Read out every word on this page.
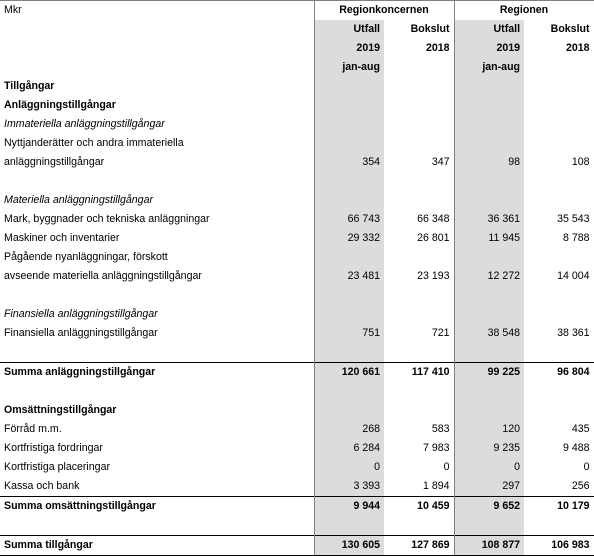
Mkr	Regionkoncernen		Regionen	
	Utfall	Bokslut	Utfall	Bokslut
	2019	2018	2019	2018
	jan-aug		jan-aug	
Tillgångar				
Anläggningstillgångar				
Immateriella anläggningstillgångar				
Nyttjanderätter och andra immateriella				
anläggningstillgångar	354	347	98	108

Materiella anläggningstillgångar				
Mark, byggnader och tekniska anläggningar	66 743	66 348	36 361	35 543
Maskiner och inventarier	29 332	26 801	11 945	8 788
Pågående nyanläggningar, förskott				
avseende materiella anläggningstillgångar	23 481	23 193	12 272	14 004

Finansiella anläggningstillgångar				
Finansiella anläggningstillgångar	751	721	38 548	38 361

Summa anläggningstillgångar	120 661	117 410	99 225	96 804

Omsättningstillgångar				
Förråd m.m.	268	583	120	435
Kortfristiga fordringar	6 284	7 983	9 235	9 488
Kortfristiga placeringar	0	0	0	0
Kassa och bank	3 393	1 894	297	256
Summa omsättningstillgångar	9 944	10 459	9 652	10 179

Summa tillgångar	130 605	127 869	108 877	106 983
